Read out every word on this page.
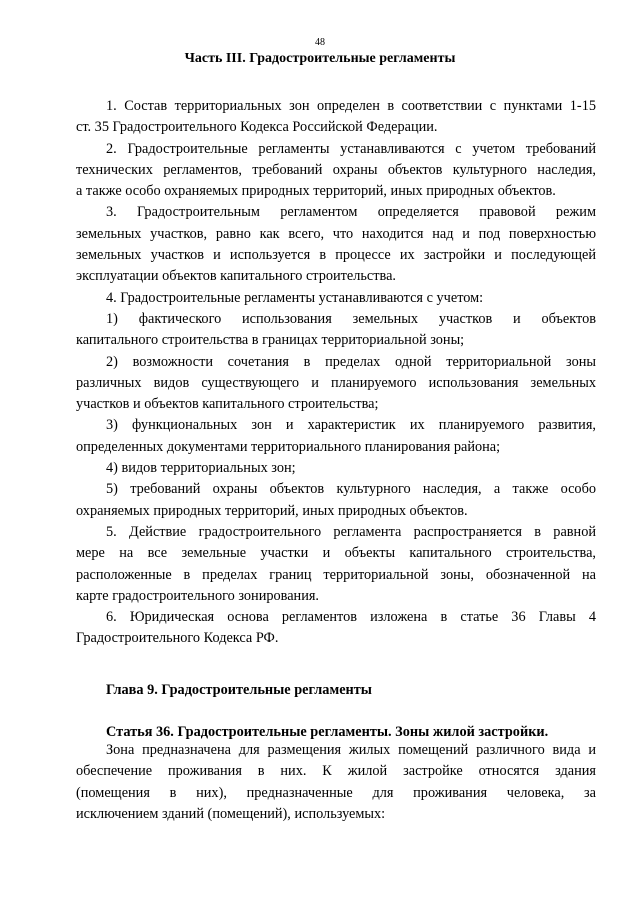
48
Часть III. Градостроительные регламенты
1. Состав территориальных зон определен в соответствии с пунктами 1-15
ст. 35 Градостроительного Кодекса Российской Федерации.
2. Градостроительные регламенты устанавливаются с учетом требований
технических регламентов, требований охраны объектов культурного наследия,
а также особо охраняемых природных территорий, иных природных объектов.
3. Градостроительным регламентом определяется правовой режим
земельных участков, равно как всего, что находится над и под поверхностью
земельных участков и используется в процессе их застройки и последующей
эксплуатации объектов капитального строительства.
4. Градостроительные регламенты устанавливаются с учетом:
1) фактического использования земельных участков и объектов
капитального строительства в границах территориальной зоны;
2) возможности сочетания в пределах одной территориальной зоны
различных видов существующего и планируемого использования земельных
участков и объектов капитального строительства;
3) функциональных зон и характеристик их планируемого развития,
определенных документами территориального планирования района;
4) видов территориальных зон;
5) требований охраны объектов культурного наследия, а также особо
охраняемых природных территорий, иных природных объектов.
5. Действие градостроительного регламента распространяется в равной
мере на все земельные участки и объекты капитального строительства,
расположенные в пределах границ территориальной зоны, обозначенной на
карте градостроительного зонирования.
6. Юридическая основа регламентов изложена в статье 36 Главы 4
Градостроительного Кодекса РФ.
Глава 9. Градостроительные регламенты
Статья 36. Градостроительные регламенты. Зоны жилой застройки.
Зона предназначена для размещения жилых помещений различного вида и
обеспечение проживания в них. К жилой застройке относятся здания
(помещения в них), предназначенные для проживания человека, за
исключением зданий (помещений), используемых:
